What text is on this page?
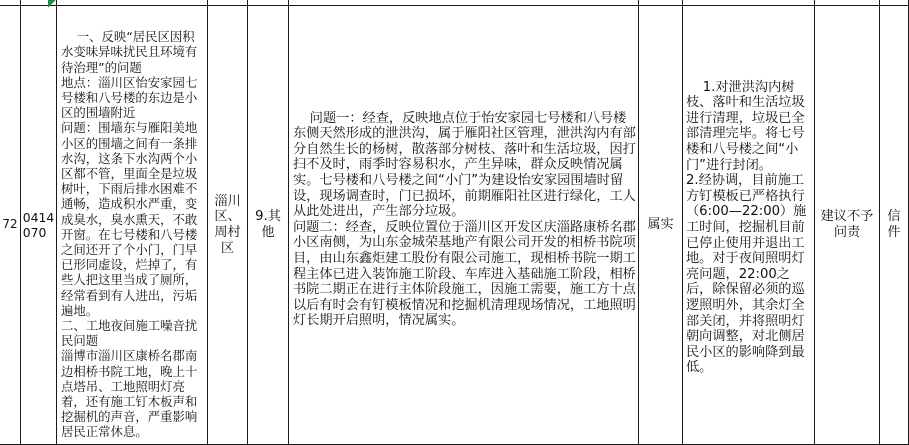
72 0414
070

一、反映“居民区因积水变味异味扰民且环境有待治理”的问题
地点：淄川区怡安家园七号楼和八号楼的东边是小区的围墙附近
问题：围墙东与雁阳美地小区的围墙之间有一条排水沟，这条下水沟两个小区都不管，里面全是垃圾树叶，下雨后排水困难不通畅，造成积水严重，变成臭水，臭水熏天，不敢开窗。在七号楼和八号楼之间还开了个小门，门早已形同虚设，烂掉了，有些人把这里当成了厕所，经常看到有人进出，污垢遍地。
二、工地夜间施工噪音扰民问题
淄博市淄川区康桥名郡南边相桥书院工地，晚上十点塔吊、工地照明灯亮着，还有施工钉木板声和挖掘机的声音，严重影响居民正常休息。

淄川区、
周村区
9.其他

问题一：经查，反映地点位于怡安家园七号楼和八号楼东侧天然形成的泄洪沟，属于雁阳社区管理，泄洪沟内有部分自然生长的杨树，散落部分树枝、落叶和生活垃圾，因打扫不及时，雨季时容易积水，产生异味，群众反映情况属实。七号楼和八号楼之间“小门”为建设怡安家园围墙时留设，现场调查时，门已损坏，前期雁阳社区进行绿化，工人从此处进出，产生部分垃圾。
问题二：经查，反映位置位于淄川区开发区庆淄路康桥名郡小区南侧，为山东金城荣基地产有限公司开发的相桥书院项目，由山东鑫炬建工股份有限公司施工，现相桥书院一期工程主体已进入装饰施工阶段、车库进入基础施工阶段，相桥书院二期正在进行主体阶段施工，因施工需要，施工方十点以后有时会有钉模板情况和挖掘机清理现场情况，工地照明灯长期开启照明，情况属实。

属实

1.对泄洪沟内树枝、落叶和生活垃圾进行清理，垃圾已全部清理完毕。将七号楼和八号楼之间“小门”进行封闭。
2.经协调，目前施工方钉模板已严格执行（6:00—22:00）施工时间，挖掘机目前已停止使用并退出工地。对于夜间照明灯亮问题，22:00之后，除保留必须的巡逻照明外，其余灯全部关闭，并将照明灯朝向调整，对北侧居民小区的影响降到最低。

建议不予问责
信件
